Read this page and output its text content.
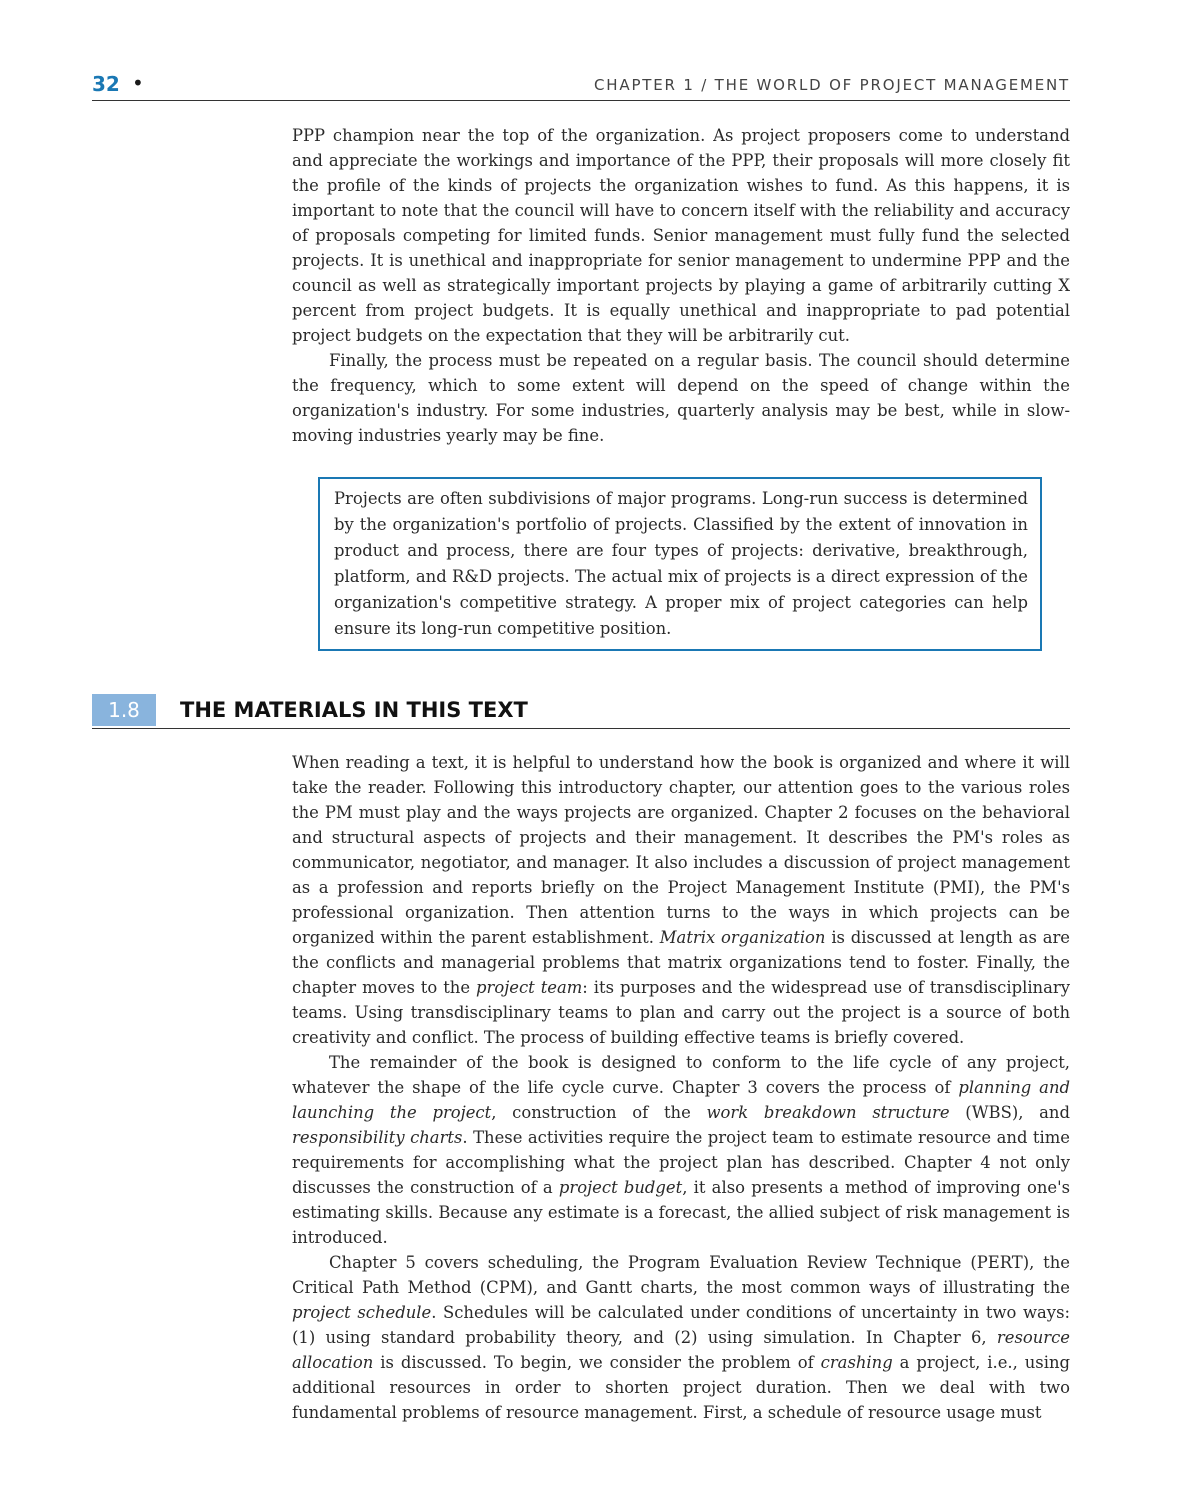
32 •	CHAPTER 1 / THE WORLD OF PROJECT MANAGEMENT

PPP champion near the top of the organization. As project proposers come to understand and appreciate the workings and importance of the PPP, their proposals will more closely fit the profile of the kinds of projects the organization wishes to fund. As this happens, it is important to note that the council will have to concern itself with the reliability and accuracy of proposals competing for limited funds. Senior management must fully fund the selected projects. It is unethical and inappropriate for senior management to undermine PPP and the council as well as strategically important projects by playing a game of arbitrarily cutting X percent from project budgets. It is equally unethical and inappropriate to pad potential project budgets on the expectation that they will be arbitrarily cut.

Finally, the process must be repeated on a regular basis. The council should determine the frequency, which to some extent will depend on the speed of change within the organization's industry. For some industries, quarterly analysis may be best, while in slow-moving industries yearly may be fine.

Projects are often subdivisions of major programs. Long-run success is determined by the organization's portfolio of projects. Classified by the extent of innovation in product and process, there are four types of projects: derivative, breakthrough, platform, and R&D projects. The actual mix of projects is a direct expression of the organization's competitive strategy. A proper mix of project categories can help ensure its long-run competitive position.
1.8	THE MATERIALS IN THIS TEXT

When reading a text, it is helpful to understand how the book is organized and where it will take the reader. Following this introductory chapter, our attention goes to the various roles the PM must play and the ways projects are organized. Chapter 2 focuses on the behavioral and structural aspects of projects and their management. It describes the PM's roles as communicator, negotiator, and manager. It also includes a discussion of project management as a profession and reports briefly on the Project Management Institute (PMI), the PM's professional organization. Then attention turns to the ways in which projects can be organized within the parent establishment. Matrix organization is discussed at length as are the conflicts and managerial problems that matrix organizations tend to foster. Finally, the chapter moves to the project team: its purposes and the widespread use of transdisciplinary teams. Using transdisciplinary teams to plan and carry out the project is a source of both creativity and conflict. The process of building effective teams is briefly covered.

The remainder of the book is designed to conform to the life cycle of any project, whatever the shape of the life cycle curve. Chapter 3 covers the process of planning and launching the project, construction of the work breakdown structure (WBS), and responsibility charts. These activities require the project team to estimate resource and time requirements for accomplishing what the project plan has described. Chapter 4 not only discusses the construction of a project budget, it also presents a method of improving one's estimating skills. Because any estimate is a forecast, the allied subject of risk management is introduced.

Chapter 5 covers scheduling, the Program Evaluation Review Technique (PERT), the Critical Path Method (CPM), and Gantt charts, the most common ways of illustrating the project schedule. Schedules will be calculated under conditions of uncertainty in two ways: (1) using standard probability theory, and (2) using simulation. In Chapter 6, resource allocation is discussed. To begin, we consider the problem of crashing a project, i.e., using additional resources in order to shorten project duration. Then we deal with two fundamental problems of resource management. First, a schedule of resource usage must
